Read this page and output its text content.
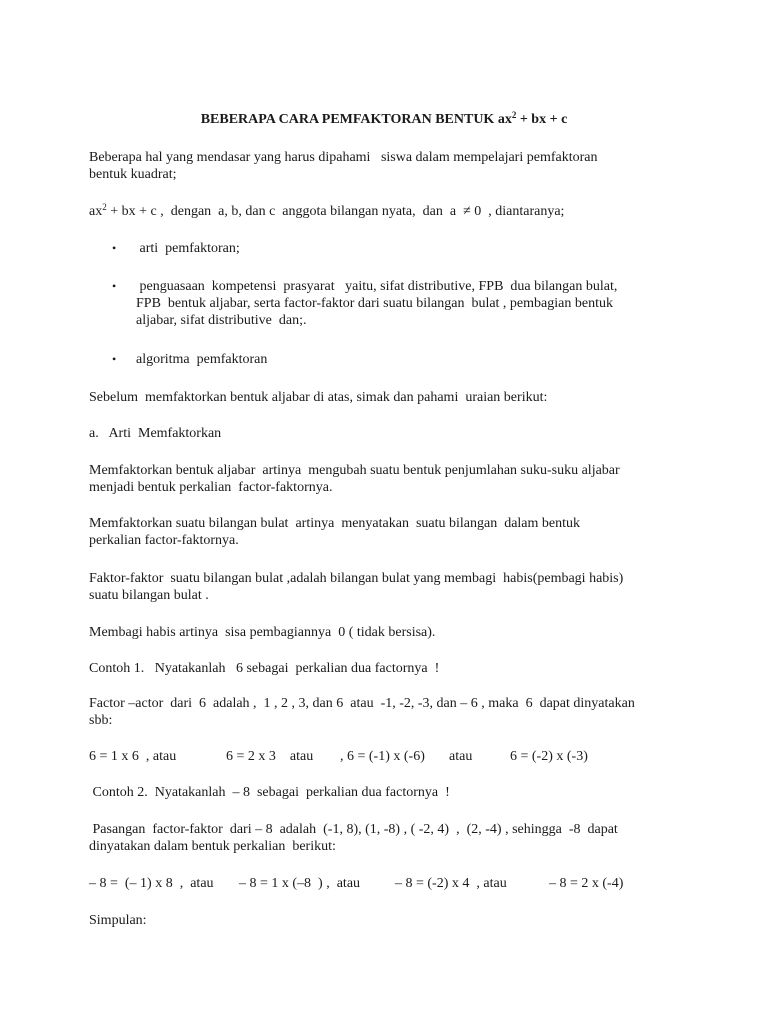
BEBERAPA CARA PEMFAKTORAN BENTUK $ax^2$ + bx + c

Beberapa hal yang mendasar yang harus dipahami   siswa dalam mempelajari pemfaktoran
bentuk kuadrat;

$ax^2$ + bx + c ,  dengan  a, b, dan c  anggota bilangan nyata,  dan  a  ≠ 0  , diantaranya;

•	arti  pemfaktoran;
•	penguasaan  kompetensi  prasyarat   yaitu, sifat distributive, FPB  dua bilangan bulat,
FPB  bentuk aljabar, serta factor-faktor dari suatu bilangan  bulat , pembagian bentuk
aljabar, sifat distributive  dan;.
•	algoritma  pemfaktoran

Sebelum  memfaktorkan bentuk aljabar di atas, simak dan pahami  uraian berikut:

a.   Arti  Memfaktorkan

Memfaktorkan bentuk aljabar  artinya  mengubah suatu bentuk penjumlahan suku-suku aljabar
menjadi bentuk perkalian  factor-faktornya.

Memfaktorkan suatu bilangan bulat  artinya  menyatakan  suatu bilangan  dalam bentuk
perkalian factor-faktornya.

Faktor-faktor  suatu bilangan bulat ,adalah bilangan bulat yang membagi  habis(pembagi habis)
suatu bilangan bulat .

Membagi habis artinya  sisa pembagiannya  0 ( tidak bersisa).

Contoh 1.   Nyatakanlah   6 sebagai  perkalian dua factornya  !

Factor –actor  dari  6  adalah ,  1 , 2 , 3, dan 6  atau  -1, -2, -3, dan – 6 , maka  6  dapat dinyatakan
sbb:

6 = 1 x 6  , atau	6 = 2 x 3    atau , 6 = (-1) x (-6) atau	6 = (-2) x (-3)

Contoh 2.  Nyatakanlah  – 8  sebagai  perkalian dua factornya  !

Pasangan  factor-faktor  dari – 8  adalah  (-1, 8), (1, -8) , ( -2, 4)  ,  (2, -4) , sehingga  -8  dapat
dinyatakan dalam bentuk perkalian  berikut:

– 8 =  (– 1) x 8  ,  atau – 8 = 1 x (–8  ) ,  atau – 8 = (-2) x 4  , atau	– 8 = 2 x (-4)

Simpulan:
